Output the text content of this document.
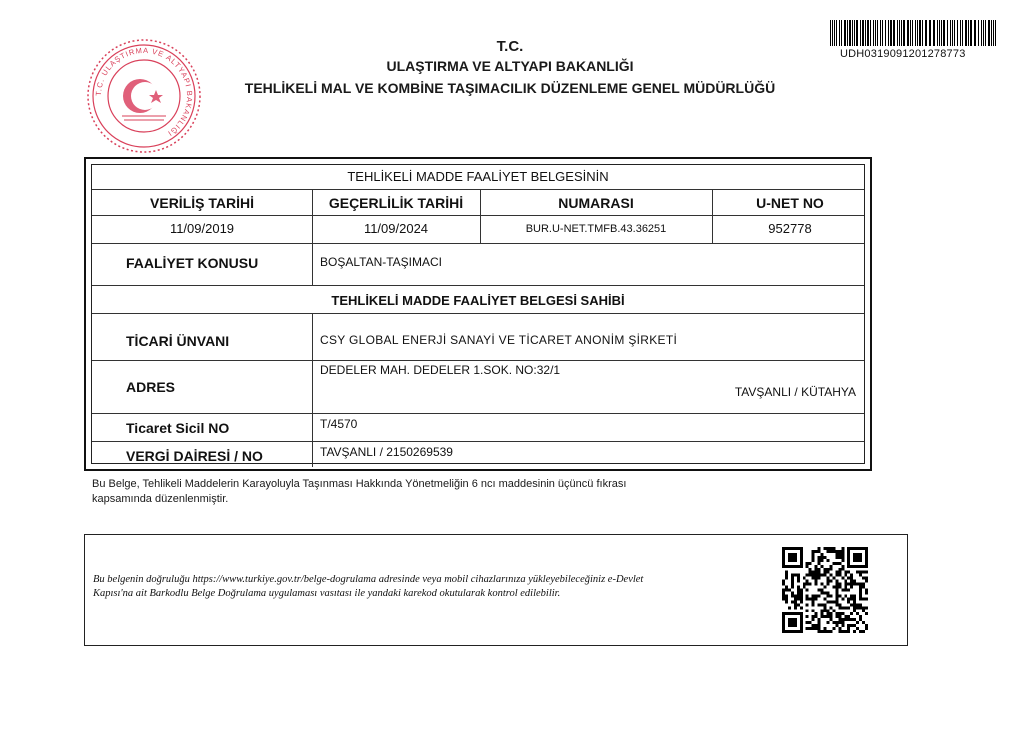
T.C. ULAŞTIRMA VE ALTYAPI BAKANLIĞI
T.C.
ULAŞTIRMA VE ALTYAPI BAKANLIĞI
TEHLİKELİ MAL VE KOMBİNE TAŞIMACILIK DÜZENLEME GENEL MÜDÜRLÜĞÜ
UDH0319091201278773
TEHLİKELİ MADDE FAALİYET BELGESİNİN
VERİLİŞ TARİHİ	GEÇERLİLİK TARİHİ	NUMARASI	U-NET NO
11/09/2019	11/09/2024	BUR.U-NET.TMFB.43.36251	952778
FAALİYET KONUSU	BOŞALTAN-TAŞIMACI
TEHLİKELİ MADDE FAALİYET BELGESİ SAHİBİ
TİCARİ ÜNVANI	CSY GLOBAL ENERJİ SANAYİ VE TİCARET ANONİM ŞİRKETİ
ADRES
DEDELER MAH. DEDELER 1.SOK. NO:32/1
TAVŞANLI / KÜTAHYA
Ticaret Sicil NO	T/4570
VERGİ DAİRESİ / NO	TAVŞANLI / 2150269539
Bu Belge, Tehlikeli Maddelerin Karayoluyla Taşınması Hakkında Yönetmeliğin 6 ncı maddesinin üçüncü fıkrası
kapsamında düzenlenmiştir.
Bu belgenin doğruluğu https://www.turkiye.gov.tr/belge-dogrulama adresinde veya mobil cihazlarınıza yükleyebileceğiniz e-Devlet
Kapısı'na ait Barkodlu Belge Doğrulama uygulaması vasıtası ile yandaki karekod okutularak kontrol edilebilir.
